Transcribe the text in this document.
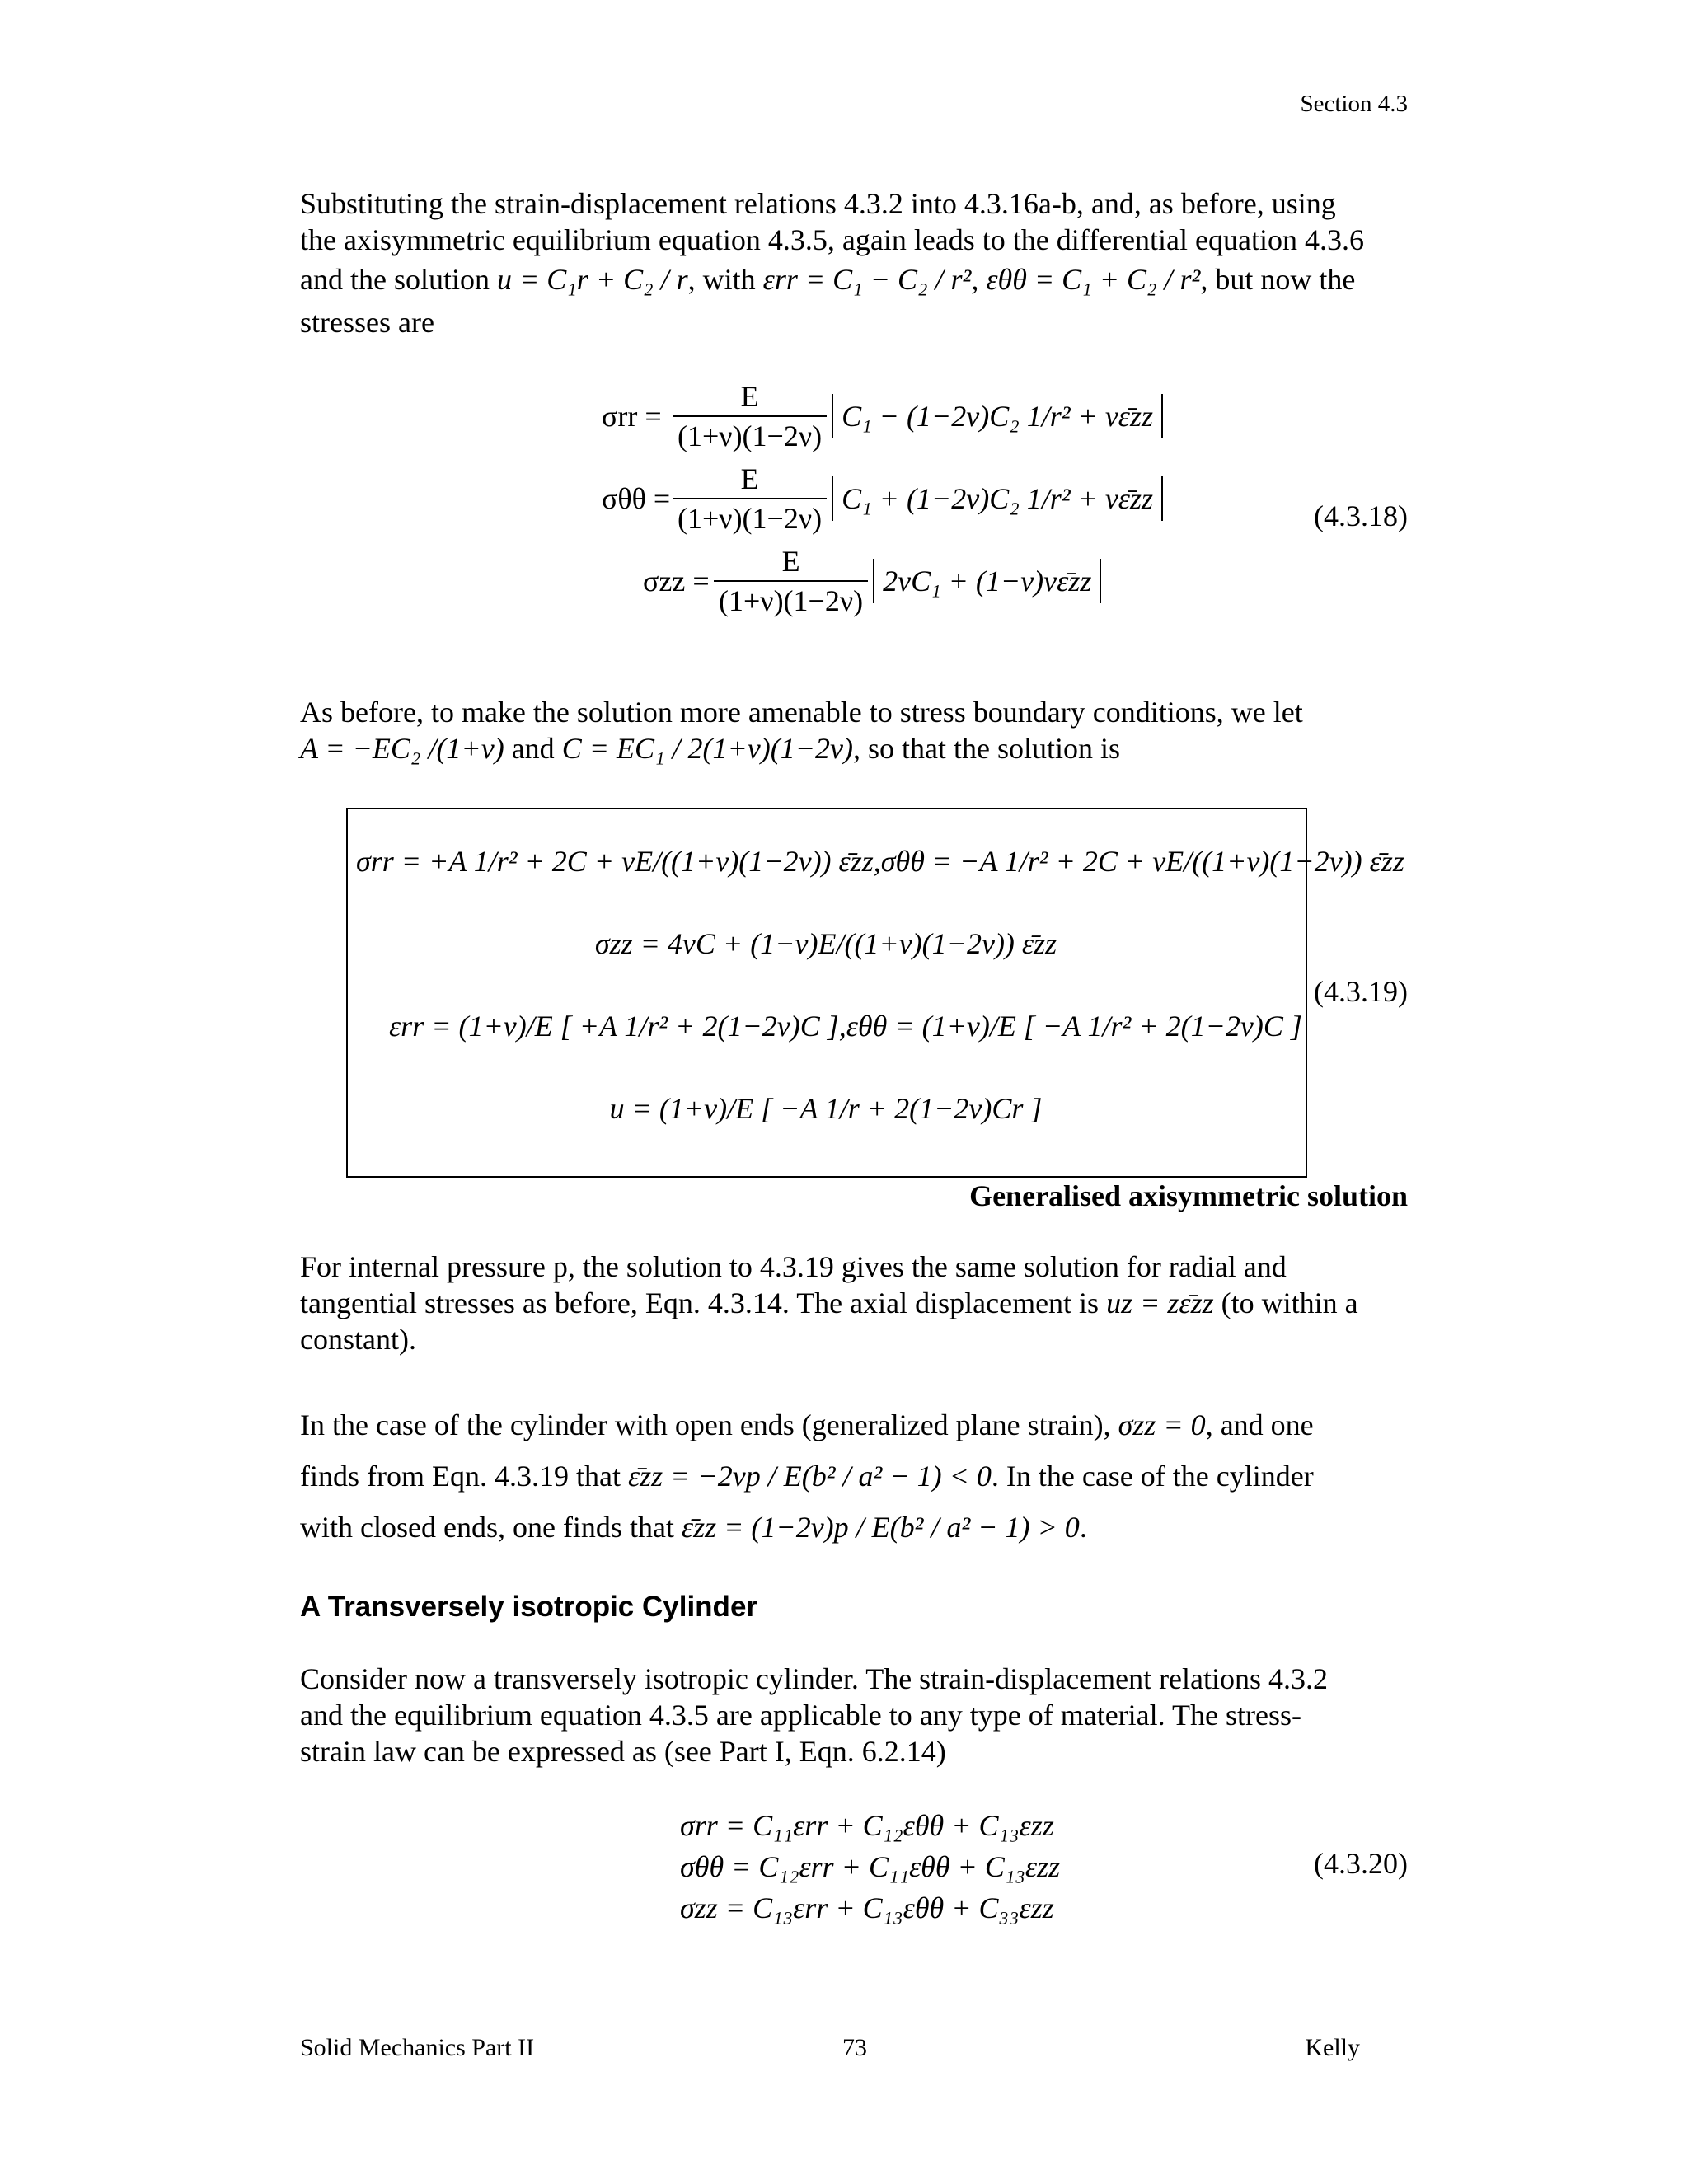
Section 4.3
Substituting the strain-displacement relations 4.3.2 into 4.3.16a-b, and, as before, using
the axisymmetric equilibrium equation 4.3.5, again leads to the differential equation 4.3.6
and the solution u = C₁r + C₂ / r, with εrr = C₁ − C₂ / r², εθθ = C₁ + C₂ / r², but now the
stresses are
$\sigma rr = \frac{E}{(1+\nu)(1-2\nu)} C_1 - (1-2\nu)C_2$ 1/r² + νε̄zz
$\sigma\theta\theta = \frac{E}{(1+\nu)(1-2\nu)} C_1 + (1-2\nu)C_2$ 1/r² + νε̄zz
$\sigma zz = \frac{E}{(1+\nu)(1-2\nu)} 2\nu C_1$ + (1−ν)νε̄zz
(4.3.18)
As before, to make the solution more amenable to stress boundary conditions, we let
A = −EC₂ /(1+ν) and C = EC₁ / 2(1+ν)(1−2ν), so that the solution is
σrr = +A 1/r² + 2C + νE/((1+ν)(1−2ν)) ε̄zz, σθθ = −A 1/r² + 2C + νE/((1+ν)(1−2ν)) ε̄zz
σzz = 4νC + (1−ν)E/((1+ν)(1−2ν)) ε̄zz
εrr = (1+ν)/E [ +A 1/r² + 2(1−2ν)C ], εθθ = (1+ν)/E [ −A 1/r² + 2(1−2ν)C ]
u = (1+ν)/E [ −A 1/r + 2(1−2ν)Cr ]
(4.3.19)
Generalised axisymmetric solution
For internal pressure p, the solution to 4.3.19 gives the same solution for radial and
tangential stresses as before, Eqn. 4.3.14. The axial displacement is uz = zε̄zz (to within a
constant).
In the case of the cylinder with open ends (generalized plane strain), σzz = 0, and one
finds from Eqn. 4.3.19 that ε̄zz = −2νp / E(b² / a² − 1) < 0. In the case of the cylinder
with closed ends, one finds that ε̄zz = (1−2ν)p / E(b² / a² − 1) > 0.
A Transversely isotropic Cylinder
Consider now a transversely isotropic cylinder. The strain-displacement relations 4.3.2
and the equilibrium equation 4.3.5 are applicable to any type of material. The stress-
strain law can be expressed as (see Part I, Eqn. 6.2.14)
σrr = C₁₁εrr + C₁₂εθθ + C₁₃εzz
σθθ = C₁₂εrr + C₁₁εθθ + C₁₃εzz
σzz = C₁₃εrr + C₁₃εθθ + C₃₃εzz
(4.3.20)
Solid Mechanics Part II	73	Kelly
